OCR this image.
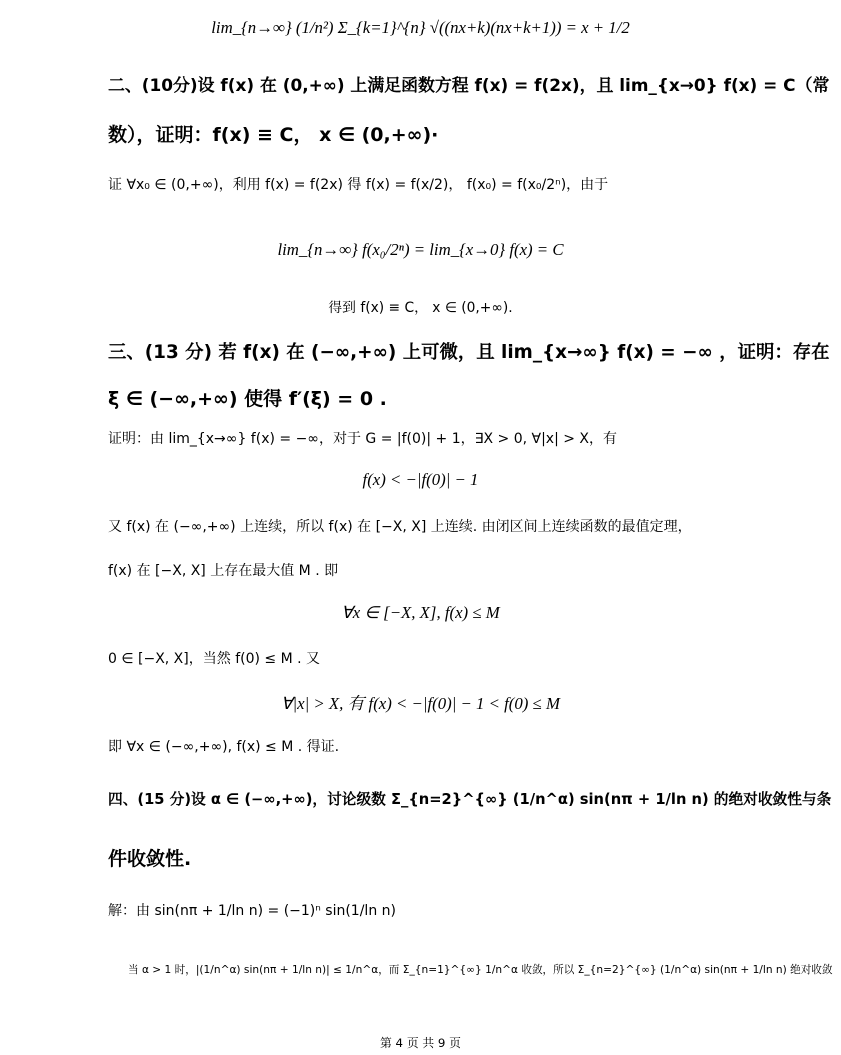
lim_{n→∞} (1/n²) Σ_{k=1}^{n} √((nx+k)(nx+k+1)) = x + 1/2
二、(10分)设 f(x) 在 (0,+∞) 上满足函数方程 f(x) = f(2x)，且 lim_{x→0} f(x) = C（常
数），证明：f(x) ≡ C， x ∈ (0,+∞)·
证 ∀x₀ ∈ (0,+∞)，利用 f(x) = f(2x) 得 f(x) = f(x/2)， f(x₀) = f(x₀/2ⁿ)，由于
lim_{n→∞} f(x₀/2ⁿ) = lim_{x→0} f(x) = C
得到 f(x) ≡ C， x ∈ (0,+∞).
三、(13 分) 若 f(x) 在 (−∞,+∞) 上可微，且 lim_{x→∞} f(x) = −∞ ，证明：存在
ξ ∈ (−∞,+∞) 使得 f′(ξ) = 0 .
证明：由 lim_{x→∞} f(x) = −∞，对于 G = |f(0)| + 1，∃X > 0, ∀|x| > X，有
f(x) < −|f(0)| − 1
又 f(x) 在 (−∞,+∞) 上连续，所以 f(x) 在 [−X, X] 上连续. 由闭区间上连续函数的最值定理，
f(x) 在 [−X, X] 上存在最大值 M . 即
∀x ∈ [−X, X], f(x) ≤ M
0 ∈ [−X, X]，当然 f(0) ≤ M . 又
∀|x| > X, 有 f(x) < −|f(0)| − 1 < f(0) ≤ M
即 ∀x ∈ (−∞,+∞), f(x) ≤ M . 得证.
四、(15 分)设 α ∈ (−∞,+∞)，讨论级数 Σ_{n=2}^{∞} (1/n^α) sin(nπ + 1/ln n) 的绝对收敛性与条
件收敛性.
解：由 sin(nπ + 1/ln n) = (−1)ⁿ sin(1/ln n)
当 α > 1 时，|(1/n^α) sin(nπ + 1/ln n)| ≤ 1/n^α，而 Σ_{n=1}^{∞} 1/n^α 收敛，所以 Σ_{n=2}^{∞} (1/n^α) sin(nπ + 1/ln n) 绝对收敛
第 4 页 共 9 页
